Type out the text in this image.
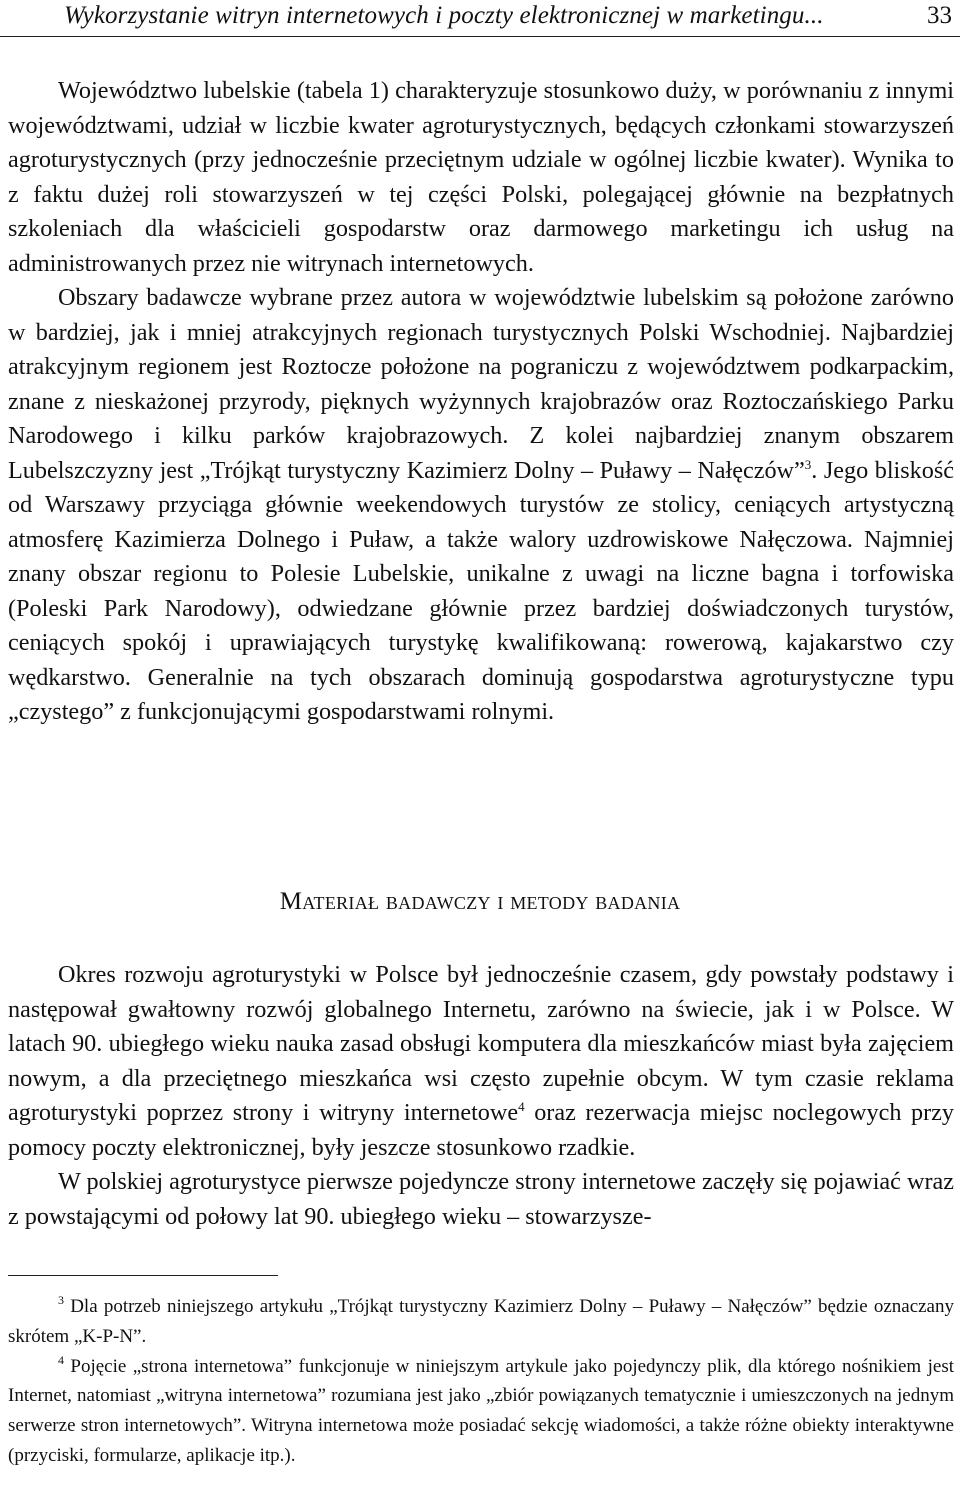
Wykorzystanie witryn internetowych i poczty elektronicznej w marketingu...	33

Województwo lubelskie (tabela 1) charakteryzuje stosunkowo duży, w porównaniu z innymi województwami, udział w liczbie kwater agroturystycznych, będących członkami stowarzyszeń agroturystycznych (przy jednocześnie przeciętnym udziale w ogólnej liczbie kwater). Wynika to z faktu dużej roli stowarzyszeń w tej części Polski, polegającej głównie na bezpłatnych szkoleniach dla właścicieli gospodarstw oraz darmowego marketingu ich usług na administrowanych przez nie witrynach internetowych.

Obszary badawcze wybrane przez autora w województwie lubelskim są położone zarówno w bardziej, jak i mniej atrakcyjnych regionach turystycznych Polski Wschodniej. Najbardziej atrakcyjnym regionem jest Roztocze położone na pograniczu z województwem podkarpackim, znane z nieskażonej przyrody, pięknych wyżynnych krajobrazów oraz Roztoczańskiego Parku Narodowego i kilku parków krajobrazowych. Z kolei najbardziej znanym obszarem Lubelszczyzny jest „Trójkąt turystyczny Kazimierz Dolny – Puławy – Nałęczów”$^3$. Jego bliskość od Warszawy przyciąga głównie weekendowych turystów ze stolicy, ceniących artystyczną atmosferę Kazimierza Dolnego i Puław, a także walory uzdrowiskowe Nałęczowa. Najmniej znany obszar regionu to Polesie Lubelskie, unikalne z uwagi na liczne bagna i torfowiska (Poleski Park Narodowy), odwiedzane głównie przez bardziej doświadczonych turystów, ceniących spokój i uprawiających turystykę kwalifikowaną: rowerową, kajakarstwo czy wędkarstwo. Generalnie na tych obszarach dominują gospodarstwa agroturystyczne typu „czystego” z funkcjonującymi gospodarstwami rolnymi.

Materiał badawczy i metody badania

Okres rozwoju agroturystyki w Polsce był jednocześnie czasem, gdy powstały podstawy i następował gwałtowny rozwój globalnego Internetu, zarówno na świecie, jak i w Polsce. W latach 90. ubiegłego wieku nauka zasad obsługi komputera dla mieszkańców miast była zajęciem nowym, a dla przeciętnego mieszkańca wsi często zupełnie obcym. W tym czasie reklama agroturystyki poprzez strony i witryny internetowe$^4$ oraz rezerwacja miejsc noclegowych przy pomocy poczty elektronicznej, były jeszcze stosunkowo rzadkie.

W polskiej agroturystyce pierwsze pojedyncze strony internetowe zaczęły się pojawiać wraz z powstającymi od połowy lat 90. ubiegłego wieku – stowarzysze-

$^3$ Dla potrzeb niniejszego artykułu „Trójkąt turystyczny Kazimierz Dolny – Puławy – Nałęczów” będzie oznaczany skrótem „K-P-N”.

$^4$ Pojęcie „strona internetowa” funkcjonuje w niniejszym artykule jako pojedynczy plik, dla którego nośnikiem jest Internet, natomiast „witryna internetowa” rozumiana jest jako „zbiór powiązanych tematycznie i umieszczonych na jednym serwerze stron internetowych”. Witryna internetowa może posiadać sekcję wiadomości, a także różne obiekty interaktywne (przyciski, formularze, aplikacje itp.).
